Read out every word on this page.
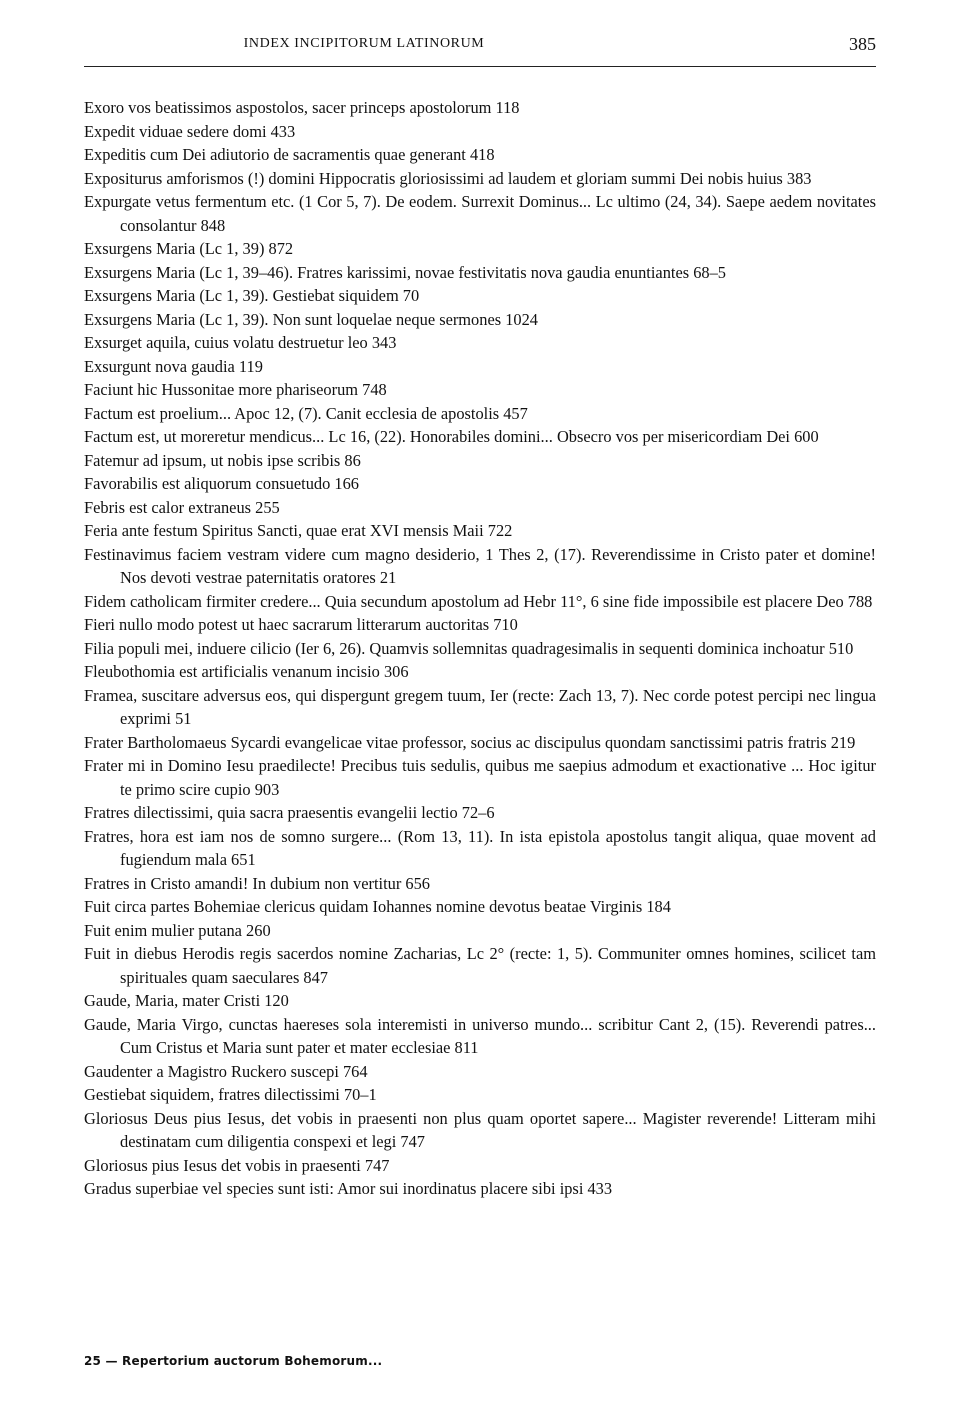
INDEX INCIPITORUM LATINORUM	385

Exoro vos beatissimos aspostolos, sacer princeps apostolorum 118

Expedit viduae sedere domi 433

Expeditis cum Dei adiutorio de sacramentis quae generant 418

Expositurus amforismos (!) domini Hippocratis gloriosissimi ad laudem et gloriam summi Dei nobis huius 383

Expurgate vetus fermentum etc. (1 Cor 5, 7). De eodem. Surrexit Dominus... Lc ultimo (24, 34). Saepe aedem novitates consolantur 848

Exsurgens Maria (Lc 1, 39) 872

Exsurgens Maria (Lc 1, 39–46). Fratres karissimi, novae festivitatis nova gaudia enuntiantes 68–5

Exsurgens Maria (Lc 1, 39). Gestiebat siquidem 70

Exsurgens Maria (Lc 1, 39). Non sunt loquelae neque sermones 1024

Exsurget aquila, cuius volatu destruetur leo 343

Exsurgunt nova gaudia 119

Faciunt hic Hussonitae more phariseorum 748

Factum est proelium... Apoc 12, (7). Canit ecclesia de apostolis 457

Factum est, ut moreretur mendicus... Lc 16, (22). Honorabiles domini... Obsecro vos per misericordiam Dei 600

Fatemur ad ipsum, ut nobis ipse scribis 86

Favorabilis est aliquorum consuetudo 166

Febris est calor extraneus 255

Feria ante festum Spiritus Sancti, quae erat XVI mensis Maii 722

Festinavimus faciem vestram videre cum magno desiderio, 1 Thes 2, (17). Reverendissime in Cristo pater et domine! Nos devoti vestrae paternitatis oratores 21

Fidem catholicam firmiter credere... Quia secundum apostolum ad Hebr 11°, 6 sine fide impossibile est placere Deo 788

Fieri nullo modo potest ut haec sacrarum litterarum auctoritas 710

Filia populi mei, induere cilicio (Ier 6, 26). Quamvis sollemnitas quadragesimalis in sequenti dominica inchoatur 510

Fleubothomia est artificialis venanum incisio 306

Framea, suscitare adversus eos, qui dispergunt gregem tuum, Ier (recte: Zach 13, 7). Nec corde potest percipi nec lingua exprimi 51

Frater Bartholomaeus Sycardi evangelicae vitae professor, socius ac discipulus quondam sanctissimi patris fratris 219

Frater mi in Domino Iesu praedilecte! Precibus tuis sedulis, quibus me saepius admodum et exactionative ... Hoc igitur te primo scire cupio 903

Fratres dilectissimi, quia sacra praesentis evangelii lectio 72–6

Fratres, hora est iam nos de somno surgere... (Rom 13, 11). In ista epistola apostolus tangit aliqua, quae movent ad fugiendum mala 651

Fratres in Cristo amandi! In dubium non vertitur 656

Fuit circa partes Bohemiae clericus quidam Iohannes nomine devotus beatae Virginis 184

Fuit enim mulier putana 260

Fuit in diebus Herodis regis sacerdos nomine Zacharias, Lc 2° (recte: 1, 5). Communiter omnes homines, scilicet tam spirituales quam saeculares 847

Gaude, Maria, mater Cristi 120

Gaude, Maria Virgo, cunctas haereses sola interemisti in universo mundo... scribitur Cant 2, (15). Reverendi patres... Cum Cristus et Maria sunt pater et mater ecclesiae 811

Gaudenter a Magistro Ruckero suscepi 764

Gestiebat siquidem, fratres dilectissimi 70–1

Gloriosus Deus pius Iesus, det vobis in praesenti non plus quam oportet sapere... Magister reverende! Litteram mihi destinatam cum diligentia conspexi et legi 747

Gloriosus pius Iesus det vobis in praesenti 747

Gradus superbiae vel species sunt isti: Amor sui inordinatus placere sibi ipsi 433

25 — Repertorium auctorum Bohemorum...
